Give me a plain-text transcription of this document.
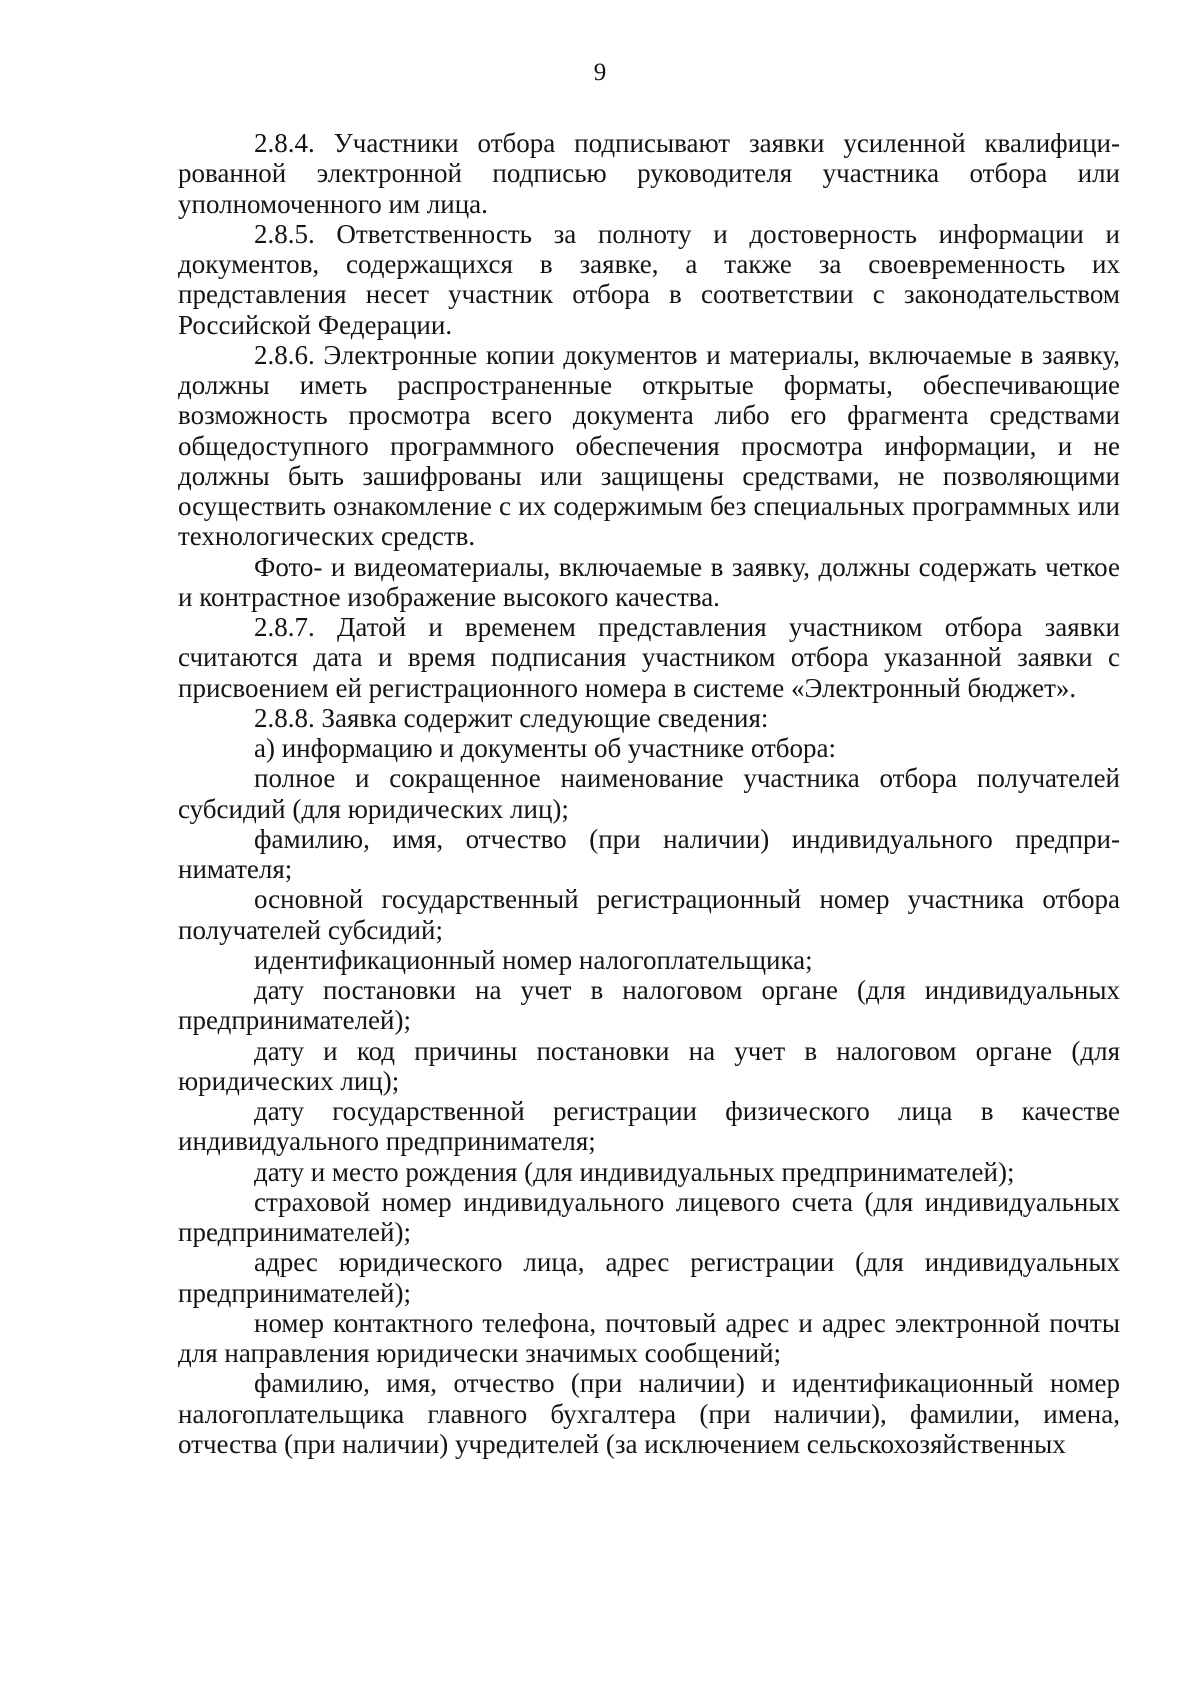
9

2.8.4. Участники отбора подписывают заявки усиленной квалифицированной электронной подписью руководителя участника отбора или уполномоченного им лица.

2.8.5. Ответственность за полноту и достоверность информации и документов, содержащихся в заявке, а также за своевременность их представления несет участник отбора в соответствии с законодательством Российской Федерации.

2.8.6. Электронные копии документов и материалы, включаемые в заявку, должны иметь распространенные открытые форматы, обеспечивающие возможность просмотра всего документа либо его фрагмента средствами общедоступного программного обеспечения просмотра информации, и не должны быть зашифрованы или защищены средствами, не позволяющими осуществить ознакомление с их содержимым без специальных программных или технологических средств.

Фото- и видеоматериалы, включаемые в заявку, должны содержать четкое и контрастное изображение высокого качества.

2.8.7. Датой и временем представления участником отбора заявки считаются дата и время подписания участником отбора указанной заявки с присвоением ей регистрационного номера в системе «Электронный бюджет».

2.8.8. Заявка содержит следующие сведения:

а) информацию и документы об участнике отбора:

полное и сокращенное наименование участника отбора получателей субсидий (для юридических лиц);

фамилию, имя, отчество (при наличии) индивидуального предпринимателя;

основной государственный регистрационный номер участника отбора получателей субсидий;

идентификационный номер налогоплательщика;

дату постановки на учет в налоговом органе (для индивидуальных предпринимателей);

дату и код причины постановки на учет в налоговом органе (для юридических лиц);

дату государственной регистрации физического лица в качестве индивидуального предпринимателя;

дату и место рождения (для индивидуальных предпринимателей);

страховой номер индивидуального лицевого счета (для индивидуальных предпринимателей);

адрес юридического лица, адрес регистрации (для индивидуальных предпринимателей);

номер контактного телефона, почтовый адрес и адрес электронной почты для направления юридически значимых сообщений;

фамилию, имя, отчество (при наличии) и идентификационный номер налогоплательщика главного бухгалтера (при наличии), фамилии, имена, отчества (при наличии) учредителей (за исключением сельскохозяйственных
